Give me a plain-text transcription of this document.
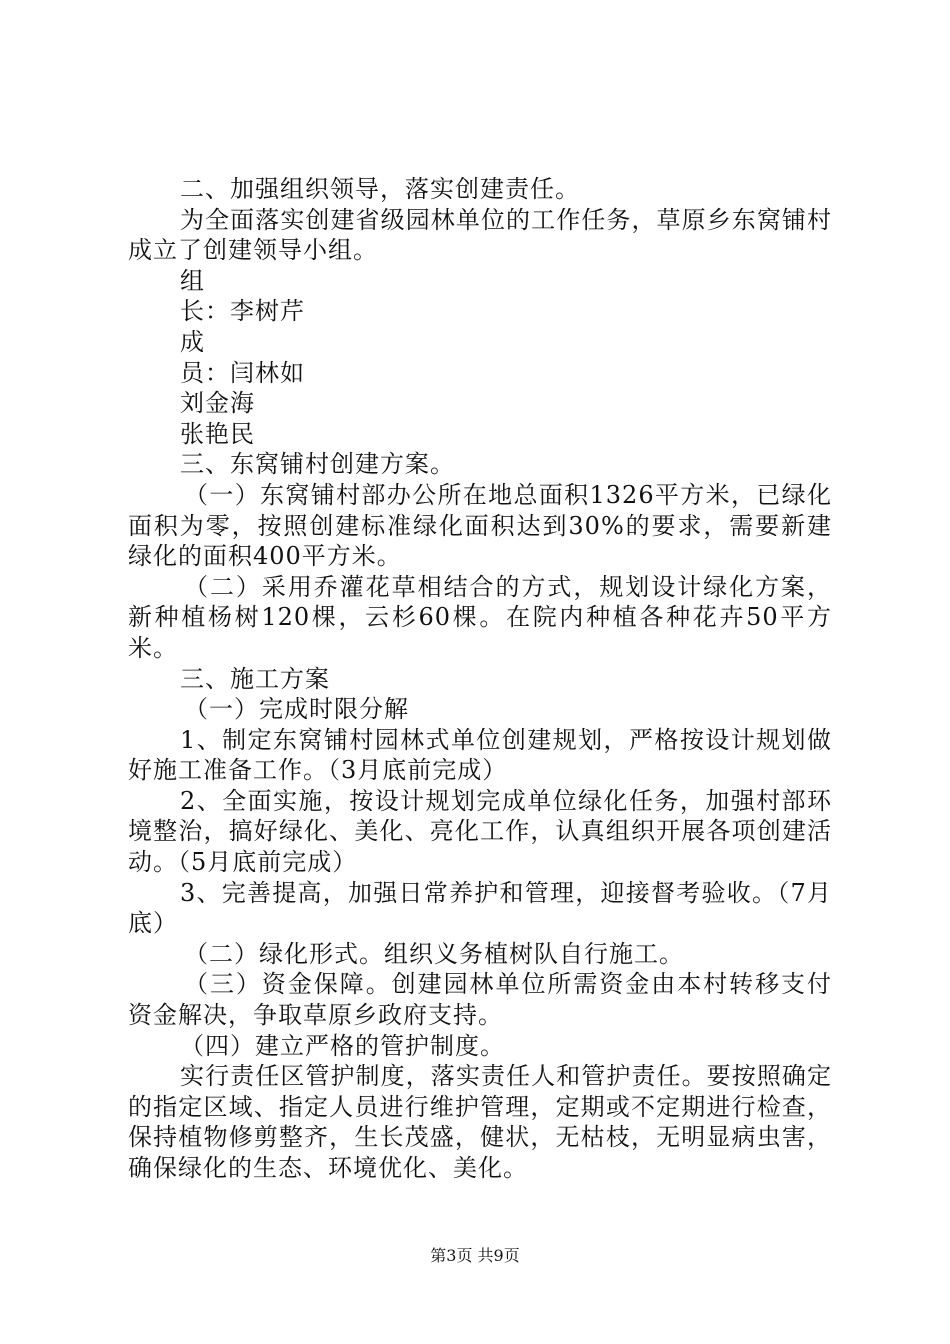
二、加强组织领导，落实创建责任。

为全面落实创建省级园林单位的工作任务，草原乡东窝铺村成立了创建领导小组。

组

长：李树芹

成

员：闫林如

刘金海

张艳民

三、东窝铺村创建方案。

（一）东窝铺村部办公所在地总面积1326平方米，已绿化面积为零，按照创建标准绿化面积达到30%的要求，需要新建绿化的面积400平方米。

（二）采用乔灌花草相结合的方式，规划设计绿化方案，新种植杨树120棵，云杉60棵。在院内种植各种花卉50平方米。

三、施工方案

（一）完成时限分解

1、制定东窝铺村园林式单位创建规划，严格按设计规划做好施工准备工作。（3月底前完成）

2、全面实施，按设计规划完成单位绿化任务，加强村部环境整治，搞好绿化、美化、亮化工作，认真组织开展各项创建活动。（5月底前完成）

3、完善提高，加强日常养护和管理，迎接督考验收。（7月底）

（二）绿化形式。组织义务植树队自行施工。

（三）资金保障。创建园林单位所需资金由本村转移支付资金解决，争取草原乡政府支持。

（四）建立严格的管护制度。

实行责任区管护制度，落实责任人和管护责任。要按照确定的指定区域、指定人员进行维护管理，定期或不定期进行检查，保持植物修剪整齐，生长茂盛，健状，无枯枝，无明显病虫害，确保绿化的生态、环境优化、美化。

第3页 共9页
